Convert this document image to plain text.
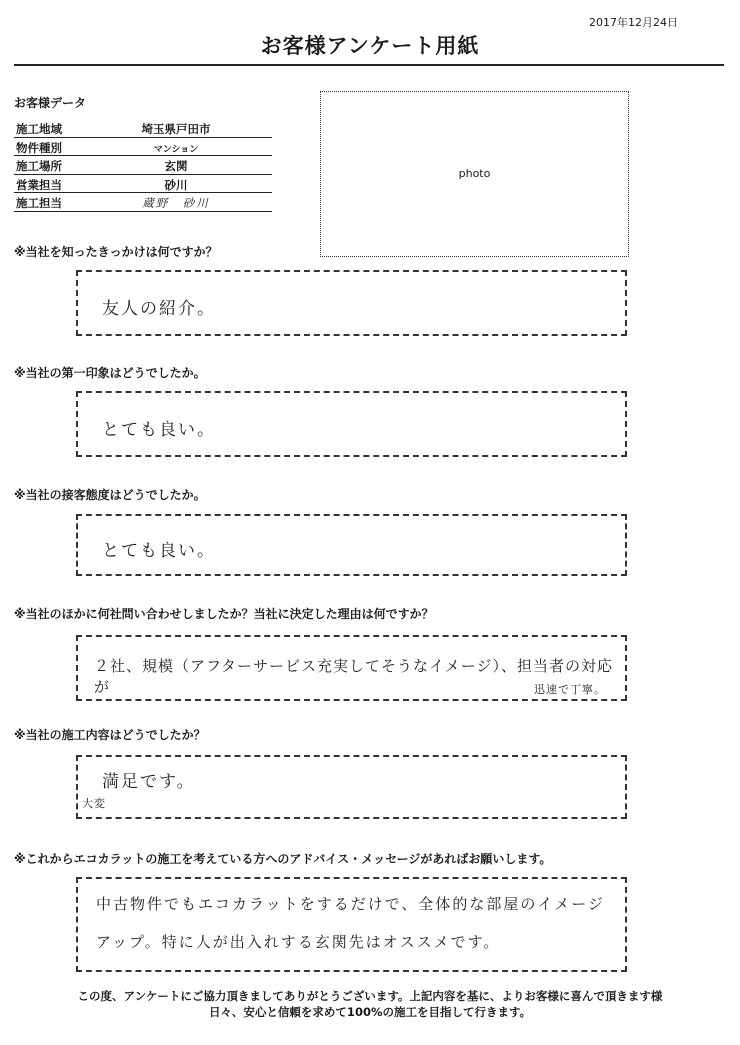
2017年12月24日
お客様アンケート用紙
お客様データ
施工地域	埼玉県戸田市
物件種別	マンション
施工場所	玄関
営業担当	砂川
施工担当	蔵野　砂川
photo
※当社を知ったきっかけは何ですか？
友人の紹介。
※当社の第一印象はどうでしたか。
とても良い。
※当社の接客態度はどうでしたか。
とても良い。
※当社のほかに何社問い合わせしましたか？当社に決定した理由は何ですか？
２社、規模（アフターサービス充実してそうなイメージ）、担当者の対応が	迅速で丁寧。
※当社の施工内容はどうでしたか？
満足です。
大変
※これからエコカラットの施工を考えている方へのアドバイス・メッセージがあればお願いします。
中古物件でもエコカラットをするだけで、全体的な部屋のイメージ
アップ。特に人が出入れする玄関先はオススメです。
この度、アンケートにご協力頂きましてありがとうございます。上記内容を基に、よりお客様に喜んで頂きます様
日々、安心と信頼を求めて100%の施工を目指して行きます。
